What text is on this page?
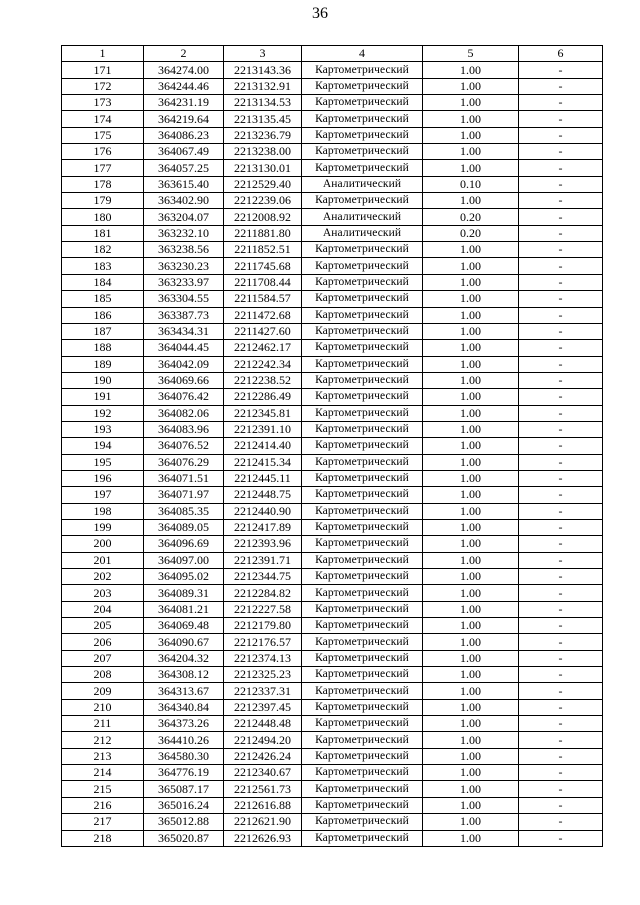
36
1	2	3	4	5	6
171	364274.00	2213143.36	Картометрический	1.00	-
172	364244.46	2213132.91	Картометрический	1.00	-
173	364231.19	2213134.53	Картометрический	1.00	-
174	364219.64	2213135.45	Картометрический	1.00	-
175	364086.23	2213236.79	Картометрический	1.00	-
176	364067.49	2213238.00	Картометрический	1.00	-
177	364057.25	2213130.01	Картометрический	1.00	-
178	363615.40	2212529.40	Аналитический	0.10	-
179	363402.90	2212239.06	Картометрический	1.00	-
180	363204.07	2212008.92	Аналитический	0.20	-
181	363232.10	2211881.80	Аналитический	0.20	-
182	363238.56	2211852.51	Картометрический	1.00	-
183	363230.23	2211745.68	Картометрический	1.00	-
184	363233.97	2211708.44	Картометрический	1.00	-
185	363304.55	2211584.57	Картометрический	1.00	-
186	363387.73	2211472.68	Картометрический	1.00	-
187	363434.31	2211427.60	Картометрический	1.00	-
188	364044.45	2212462.17	Картометрический	1.00	-
189	364042.09	2212242.34	Картометрический	1.00	-
190	364069.66	2212238.52	Картометрический	1.00	-
191	364076.42	2212286.49	Картометрический	1.00	-
192	364082.06	2212345.81	Картометрический	1.00	-
193	364083.96	2212391.10	Картометрический	1.00	-
194	364076.52	2212414.40	Картометрический	1.00	-
195	364076.29	2212415.34	Картометрический	1.00	-
196	364071.51	2212445.11	Картометрический	1.00	-
197	364071.97	2212448.75	Картометрический	1.00	-
198	364085.35	2212440.90	Картометрический	1.00	-
199	364089.05	2212417.89	Картометрический	1.00	-
200	364096.69	2212393.96	Картометрический	1.00	-
201	364097.00	2212391.71	Картометрический	1.00	-
202	364095.02	2212344.75	Картометрический	1.00	-
203	364089.31	2212284.82	Картометрический	1.00	-
204	364081.21	2212227.58	Картометрический	1.00	-
205	364069.48	2212179.80	Картометрический	1.00	-
206	364090.67	2212176.57	Картометрический	1.00	-
207	364204.32	2212374.13	Картометрический	1.00	-
208	364308.12	2212325.23	Картометрический	1.00	-
209	364313.67	2212337.31	Картометрический	1.00	-
210	364340.84	2212397.45	Картометрический	1.00	-
211	364373.26	2212448.48	Картометрический	1.00	-
212	364410.26	2212494.20	Картометрический	1.00	-
213	364580.30	2212426.24	Картометрический	1.00	-
214	364776.19	2212340.67	Картометрический	1.00	-
215	365087.17	2212561.73	Картометрический	1.00	-
216	365016.24	2212616.88	Картометрический	1.00	-
217	365012.88	2212621.90	Картометрический	1.00	-
218	365020.87	2212626.93	Картометрический	1.00	-
